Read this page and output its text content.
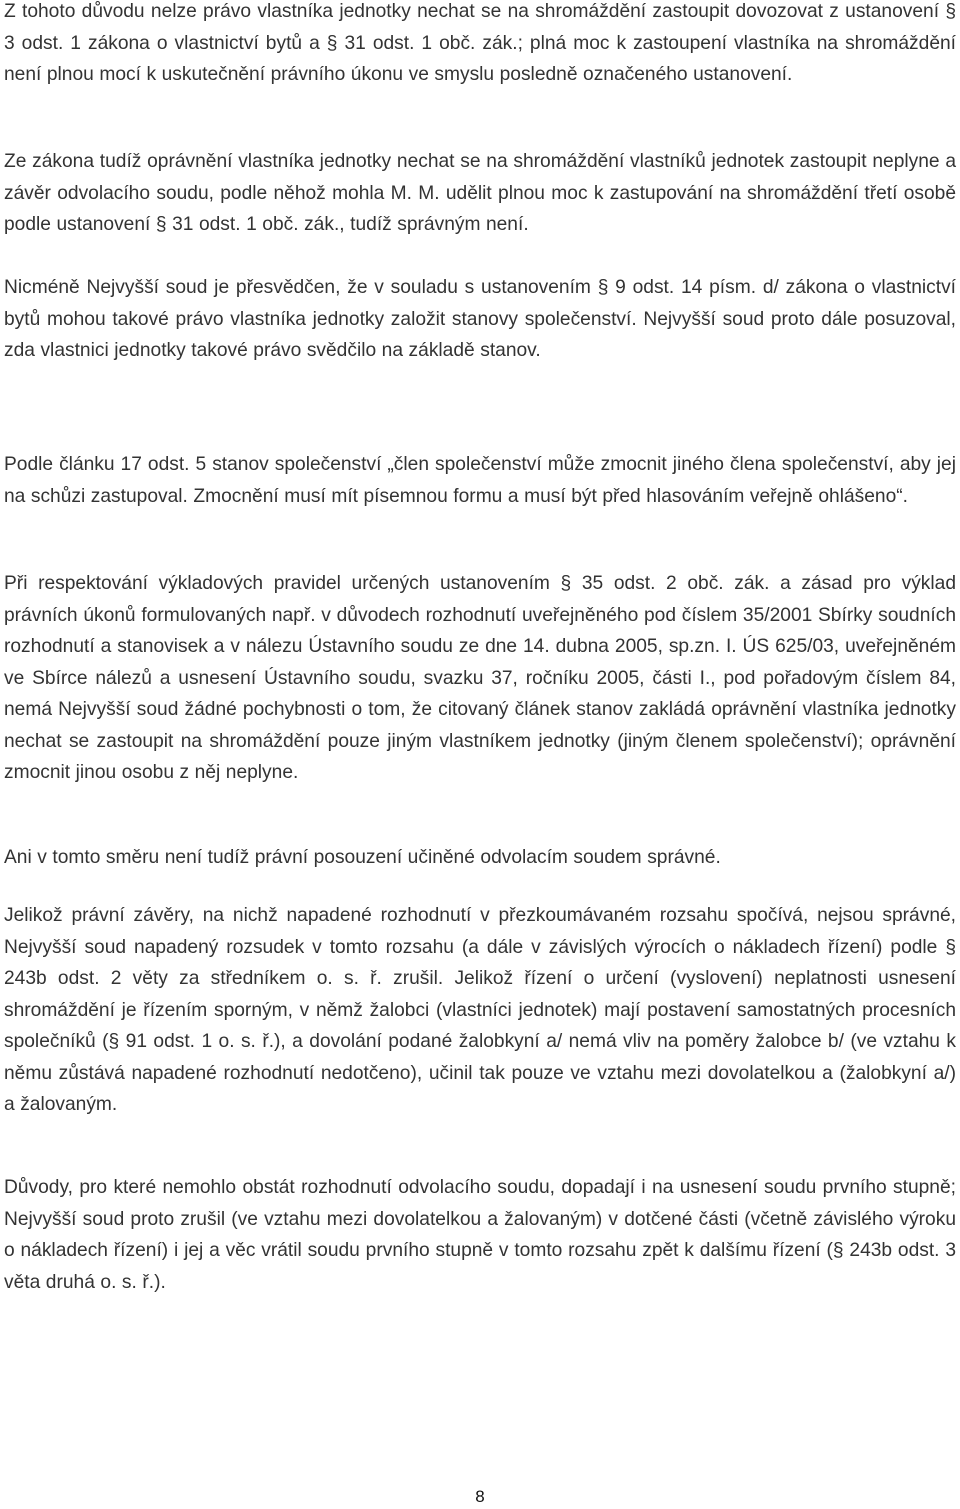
Z tohoto důvodu nelze právo vlastníka jednotky nechat se na shromáždění zastoupit dovozovat z ustanovení § 3 odst. 1 zákona o vlastnictví bytů a § 31 odst. 1 obč. zák.; plná moc k zastoupení vlastníka na shromáždění není plnou mocí k uskutečnění právního úkonu ve smyslu posledně označeného ustanovení.

Ze zákona tudíž oprávnění vlastníka jednotky nechat se na shromáždění vlastníků jednotek zastoupit neplyne a závěr odvolacího soudu, podle něhož mohla M. M. udělit plnou moc k zastupování na shromáždění třetí osobě podle ustanovení § 31 odst. 1 obč. zák., tudíž správným není.

Nicméně Nejvyšší soud je přesvědčen, že v souladu s ustanovením § 9 odst. 14 písm. d/ zákona o vlastnictví bytů mohou takové právo vlastníka jednotky založit stanovy společenství. Nejvyšší soud proto dále posuzoval, zda vlastnici jednotky takové právo svědčilo na základě stanov.

Podle článku 17 odst. 5 stanov společenství „člen společenství může zmocnit jiného člena společenství, aby jej na schůzi zastupoval. Zmocnění musí mít písemnou formu a musí být před hlasováním veřejně ohlášeno“.

Při respektování výkladových pravidel určených ustanovením § 35 odst. 2 obč. zák. a zásad pro výklad právních úkonů formulovaných např. v důvodech rozhodnutí uveřejněného pod číslem 35/2001 Sbírky soudních rozhodnutí a stanovisek a v nálezu Ústavního soudu ze dne 14. dubna 2005, sp.zn. I. ÚS 625/03, uveřejněném ve Sbírce nálezů a usnesení Ústavního soudu, svazku 37, ročníku 2005, části I., pod pořadovým číslem 84, nemá Nejvyšší soud žádné pochybnosti o tom, že citovaný článek stanov zakládá oprávnění vlastníka jednotky nechat se zastoupit na shromáždění pouze jiným vlastníkem jednotky (jiným členem společenství); oprávnění zmocnit jinou osobu z něj neplyne.

Ani v tomto směru není tudíž právní posouzení učiněné odvolacím soudem správné.

Jelikož právní závěry, na nichž napadené rozhodnutí v přezkoumávaném rozsahu spočívá, nejsou správné, Nejvyšší soud napadený rozsudek v tomto rozsahu (a dále v závislých výrocích o nákladech řízení) podle § 243b odst. 2 věty za středníkem o. s. ř. zrušil. Jelikož řízení o určení (vyslovení) neplatnosti usnesení shromáždění je řízením sporným, v němž žalobci (vlastníci jednotek) mají postavení samostatných procesních společníků (§ 91 odst. 1 o. s. ř.), a dovolání podané žalobkyní a/ nemá vliv na poměry žalobce b/ (ve vztahu k němu zůstává napadené rozhodnutí nedotčeno), učinil tak pouze ve vztahu mezi dovolatelkou a (žalobkyní a/) a žalovaným.

Důvody, pro které nemohlo obstát rozhodnutí odvolacího soudu, dopadají i na usnesení soudu prvního stupně; Nejvyšší soud proto zrušil (ve vztahu mezi dovolatelkou a žalovaným) v dotčené části (včetně závislého výroku o nákladech řízení) i jej a věc vrátil soudu prvního stupně v tomto rozsahu zpět k dalšímu řízení (§ 243b odst. 3 věta druhá o. s. ř.).

8
